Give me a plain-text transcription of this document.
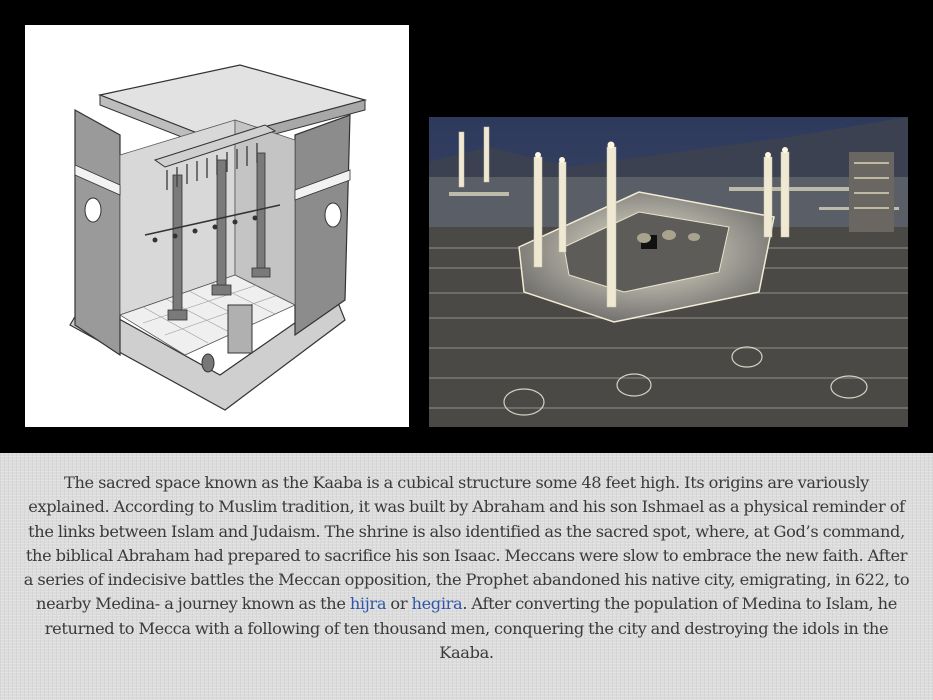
The sacred space known as the Kaaba is a cubical structure some 48 feet high. Its origins are variously explained. According to Muslim tradition, it was built by Abraham and his son Ishmael as a physical reminder of the links between Islam and Judaism. The shrine is also identified as the sacred spot, where, at God’s command, the biblical Abraham had prepared to sacrifice his son Isaac. Meccans were slow to embrace the new faith. After a series of indecisive battles the Meccan opposition, the Prophet abandoned his native city, emigrating, in 622, to nearby Medina- a journey known as the hijra or hegira. After converting the population of Medina to Islam, he returned to Mecca with a following of ten thousand men, conquering the city and destroying the idols in the Kaaba.
